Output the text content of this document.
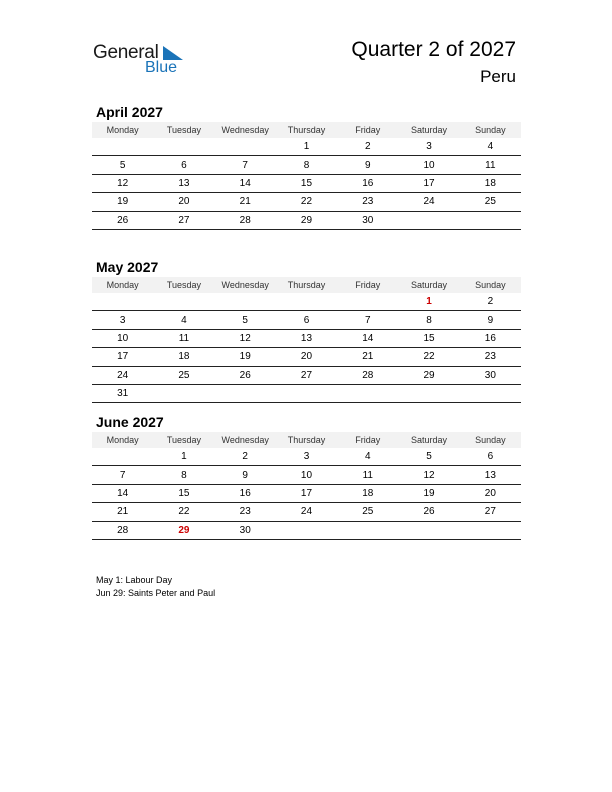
General
Blue
Quarter 2 of 2027
Peru
April 2027
Monday	Tuesday	Wednesday	Thursday	Friday	Saturday	Sunday
			1	2	3	4
5	6	7	8	9	10	11
12	13	14	15	16	17	18
19	20	21	22	23	24	25
26	27	28	29	30		
May 2027
Monday	Tuesday	Wednesday	Thursday	Friday	Saturday	Sunday
					1	2
3	4	5	6	7	8	9
10	11	12	13	14	15	16
17	18	19	20	21	22	23
24	25	26	27	28	29	30
31						
June 2027
Monday	Tuesday	Wednesday	Thursday	Friday	Saturday	Sunday
	1	2	3	4	5	6
7	8	9	10	11	12	13
14	15	16	17	18	19	20
21	22	23	24	25	26	27
28	29	30				
May 1: Labour Day
Jun 29: Saints Peter and Paul
